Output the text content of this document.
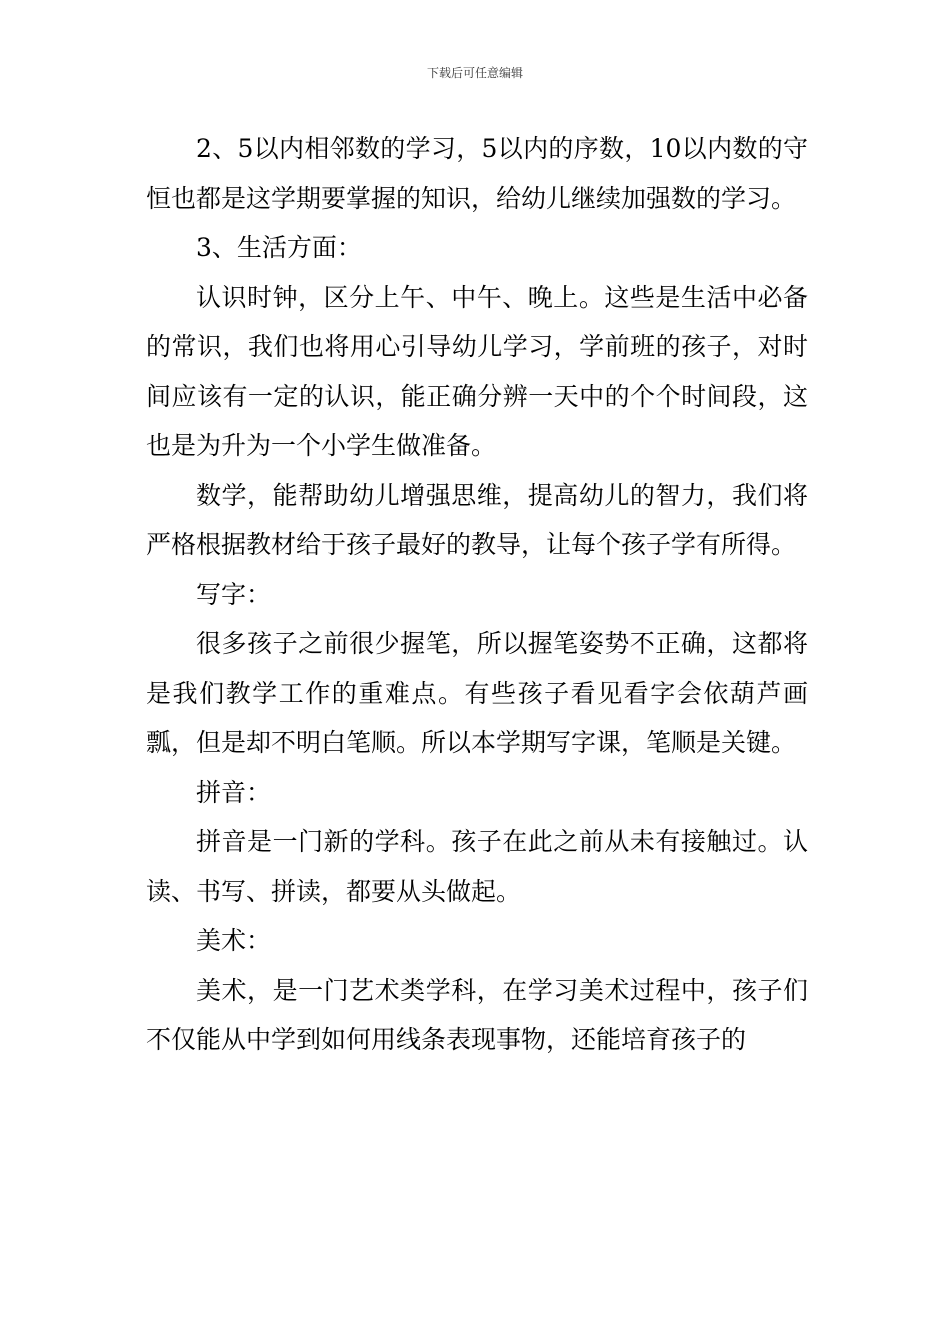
下载后可任意编辑

2、5以内相邻数的学习，5以内的序数，10以内数的守恒也都是这学期要掌握的知识，给幼儿继续加强数的学习。

3、生活方面：

认识时钟，区分上午、中午、晚上。这些是生活中必备的常识，我们也将用心引导幼儿学习，学前班的孩子，对时间应该有一定的认识，能正确分辨一天中的个个时间段，这也是为升为一个小学生做准备。

数学，能帮助幼儿增强思维，提高幼儿的智力，我们将严格根据教材给于孩子最好的教导，让每个孩子学有所得。

写字：

很多孩子之前很少握笔，所以握笔姿势不正确，这都将是我们教学工作的重难点。有些孩子看见看字会依葫芦画瓢，但是却不明白笔顺。所以本学期写字课，笔顺是关键。

拼音：

拼音是一门新的学科。孩子在此之前从未有接触过。认读、书写、拼读，都要从头做起。

美术：

美术，是一门艺术类学科，在学习美术过程中，孩子们不仅能从中学到如何用线条表现事物，还能培育孩子的
